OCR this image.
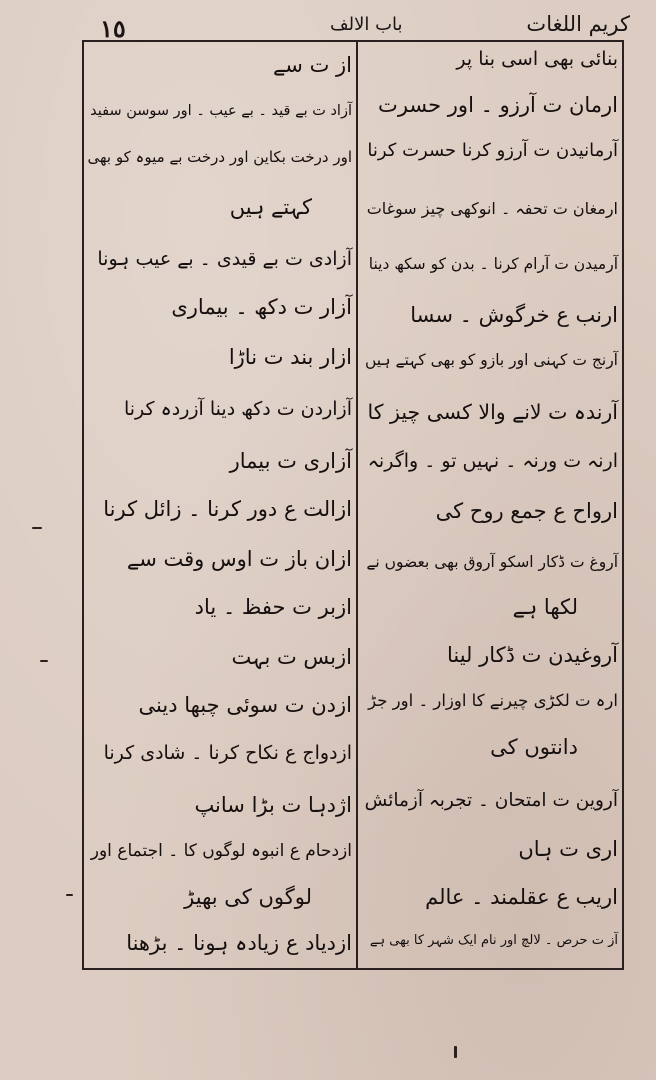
١٥	باب الالف	کریم اللغات
بنائی بھی اسی بنا پر
ارمان ت آرزو ۔ اور حسرت
آرمانیدن ت آرزو کرنا حسرت کرنا
ارمغان ت تحفہ ۔ انوکھی چیز سوغات
آرمیدن ت آرام کرنا ۔ بدن کو سکھ دینا
ارنب ع خرگوش ۔ سسا
آرنج ت کہنی اور بازو کو بھی کہتے ہیں
آرندہ ت لانے والا کسی چیز کا
ارنہ ت ورنہ ۔ نہیں تو ۔ واگرنہ
ارواح ع جمع روح کی
آروغ ت ڈکار اسکو آروق بھی بعضوں نے
لکھا ہے
آروغیدن ت ڈکار لینا
ارہ ت لکڑی چیرنے کا اوزار ۔ اور جڑ
دانتوں کی
آروین ت امتحان ۔ تجربہ آزمائش
اری ت ہاں
اریب ع عقلمند ۔ عالم
آز ت حرص ۔ لالچ اور نام ایک شہر کا بھی ہے
از ت سے
آزاد ت بے قید ۔ بے عیب ۔ اور سوسن سفید
اور درخت بکاین اور درخت بے میوہ کو بھی
کہتے ہیں
آزادی ت بے قیدی ۔ بے عیب ہونا
آزار ت دکھ ۔ بیماری
ازار بند ت ناڑا
آزاردن ت دکھ دینا آزردہ کرنا
آزاری ت بیمار
ازالت ع دور کرنا ۔ زائل کرنا
ازان باز ت اوس وقت سے
ازبر ت حفظ ۔ یاد
ازبس ت بہت
ازدن ت سوئی چبھا دینی
ازدواج ع نکاح کرنا ۔ شادی کرنا
اژدہا ت بڑا سانپ
ازدحام ع انبوہ لوگوں کا ۔ اجتماع اور
لوگوں کی بھیڑ
ازدیاد ع زیادہ ہونا ۔ بڑھنا
